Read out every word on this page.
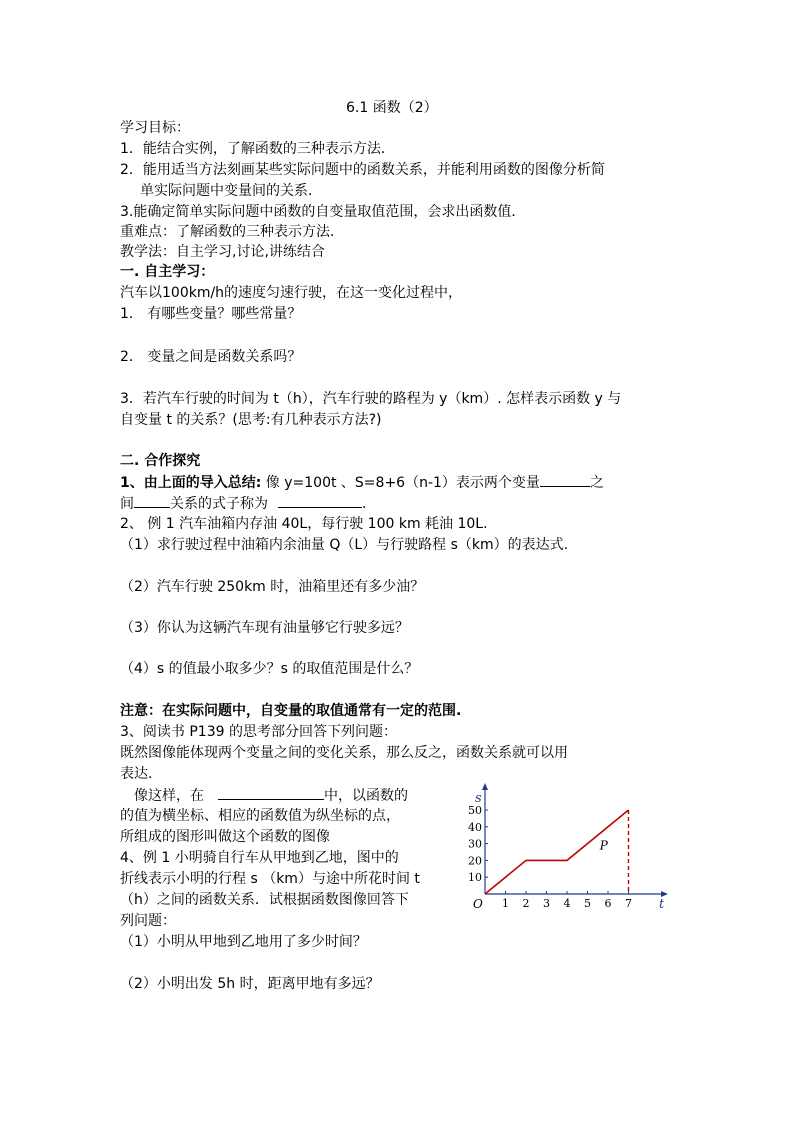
6.1 函数（2）
学习目标：
1．能结合实例，了解函数的三种表示方法．
2．能用适当方法刻画某些实际问题中的函数关系，并能利用函数的图像分析简
单实际问题中变量间的关系．
3.能确定简单实际问题中函数的自变量取值范围，会求出函数值．
重难点：了解函数的三种表示方法．
教学法：自主学习,讨论,讲练结合
一. 自主学习：
汽车以100km/h的速度匀速行驶，在这一变化过程中，
1． 有哪些变量？哪些常量？
2． 变量之间是函数关系吗？
3．若汽车行驶的时间为 t（h），汽车行驶的路程为 y（km）. 怎样表示函数 y 与
自变量 t 的关系？(思考:有几种表示方法?)
二. 合作探究
1、由上面的导入总结: 像 y=100t 、S=8+6（n-1）表示两个变量	之
间	关系的式子称为	.
2、 例 1 汽车油箱内存油 40L，每行驶 100 km 耗油 10L.
（1）求行驶过程中油箱内余油量 Q（L）与行驶路程 s（km）的表达式.
（2）汽车行驶 250km 时，油箱里还有多少油？
（3）你认为这辆汽车现有油量够它行驶多远？
（4）s 的值最小取多少？s 的取值范围是什么？
注意：在实际问题中，自变量的取值通常有一定的范围.
3、阅读书 P139 的思考部分回答下列问题：
既然图像能体现两个变量之间的变化关系，那么反之，函数关系就可以用
表达.
像这样，在	中，以函数的
的值为横坐标、相应的函数值为纵坐标的点，
所组成的图形叫做这个函数的图像
4、例 1 小明骑自行车从甲地到乙地，图中的
折线表示小明的行程 s （km）与途中所花时间 t
（h）之间的函数关系．试根据函数图像回答下
列问题：
（1）小明从甲地到乙地用了多少时间？
（2）小明出发 5h 时，距离甲地有多远？
1 2 3 4 5 6 7
10
20
30
40
50
s
t
O
P
